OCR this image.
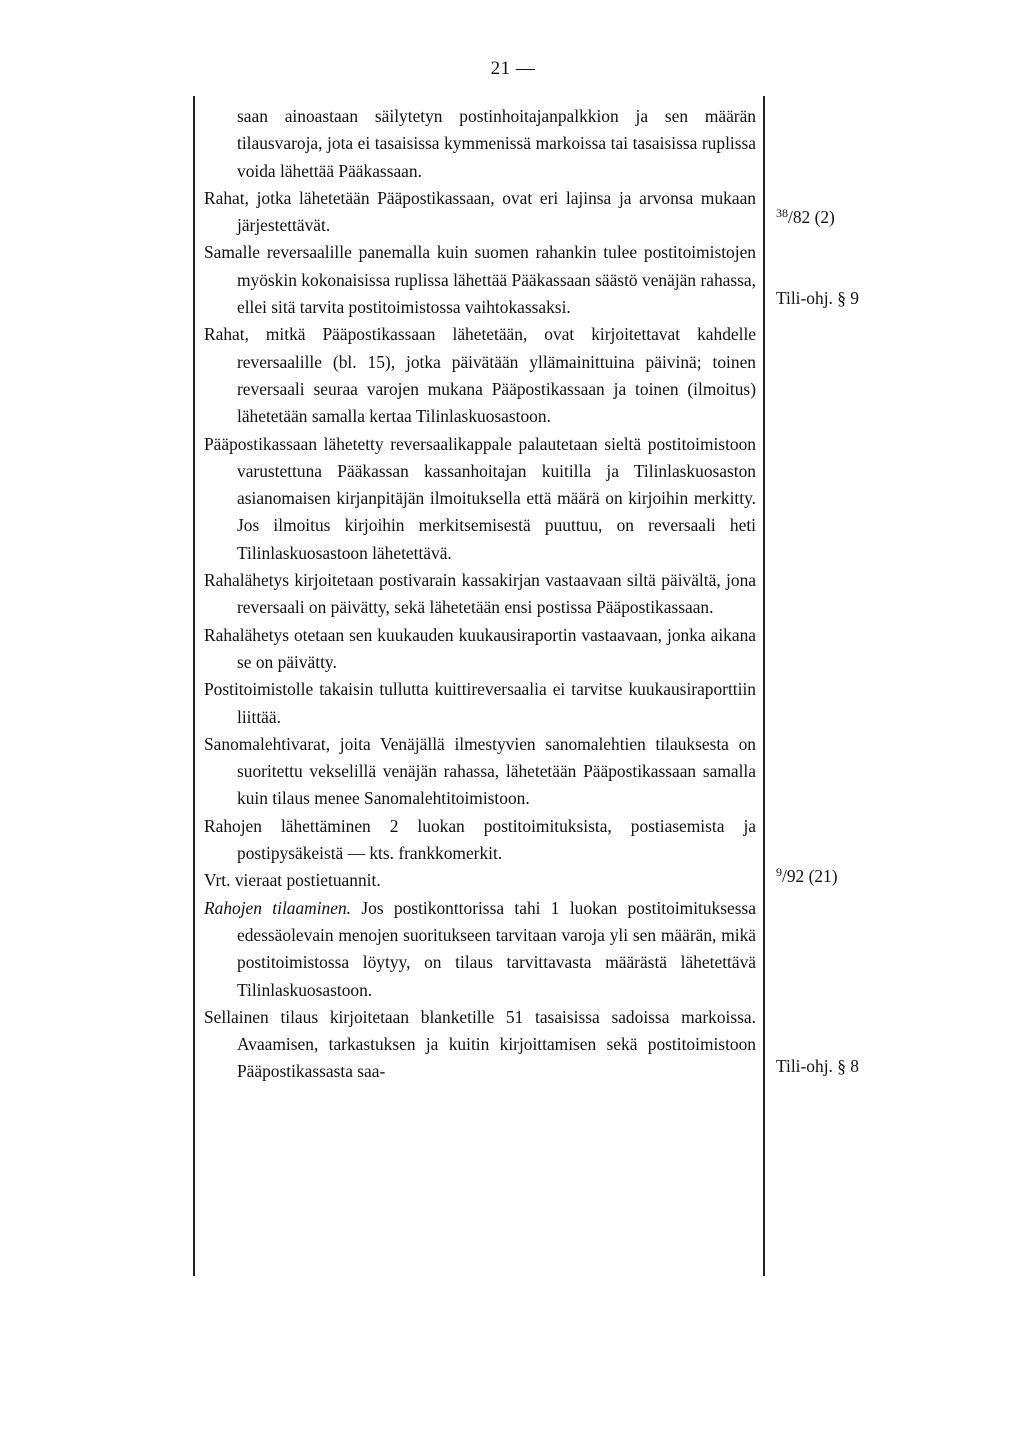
21 —

saan ainoastaan säilytetyn postinhoitajanpalkkion ja sen määrän tilausvaroja, jota ei tasaisissa kymmenissä markoissa tai tasaisissa ruplissa voida lähettää Pääkassaan.

Rahat, jotka lähetetään Pääpostikassaan, ovat eri lajinsa ja arvonsa mukaan järjestettävät.

Samalle reversaalille panemalla kuin suomen rahankin tulee postitoimistojen myöskin kokonaisissa ruplissa lähettää Pääkassaan säästö venäjän rahassa, ellei sitä tarvita postitoimistossa vaihtokassaksi.

Rahat, mitkä Pääpostikassaan lähetetään, ovat kirjoitettavat kahdelle reversaalille (bl. 15), jotka päivätään yllämainittuina päivinä; toinen reversaali seuraa varojen mukana Pääpostikassaan ja toinen (ilmoitus) lähetetään samalla kertaa Tilinlaskuosastoon.

Pääpostikassaan lähetetty reversaalikappale palautetaan sieltä postitoimistoon varustettuna Pääkassan kassanhoitajan kuitilla ja Tilinlaskuosaston asianomaisen kirjanpitäjän ilmoituksella että määrä on kirjoihin merkitty. Jos ilmoitus kirjoihin merkitsemisestä puuttuu, on reversaali heti Tilinlaskuosastoon lähetettävä.

Rahalähetys kirjoitetaan postivarain kassakirjan vastaavaan siltä päivältä, jona reversaali on päivätty, sekä lähetetään ensi postissa Pääpostikassaan.

Rahalähetys otetaan sen kuukauden kuukausiraportin vastaavaan, jonka aikana se on päivätty.

Postitoimistolle takaisin tullutta kuittireversaalia ei tarvitse kuukausiraporttiin liittää.

Sanomalehtivarat, joita Venäjällä ilmestyvien sanomalehtien tilauksesta on suoritettu vekselillä venäjän rahassa, lähetetään Pääpostikassaan samalla kuin tilaus menee Sanomalehtitoimistoon.

Rahojen lähettäminen 2 luokan postitoimituksista, postiasemista ja postipysäkeistä — kts. frankkomerkit.

Vrt. vieraat postietuannit.

Rahojen tilaaminen. Jos postikonttorissa tahi 1 luokan postitoimituksessa edessäolevain menojen suoritukseen tarvitaan varoja yli sen määrän, mikä postitoimistossa löytyy, on tilaus tarvittavasta määrästä lähetettävä Tilinlaskuosastoon.

Sellainen tilaus kirjoitetaan blanketille 51 tasaisissa sadoissa markoissa. Avaamisen, tarkastuksen ja kuitin kirjoittamisen sekä postitoimistoon Pääpostikassasta saa-

$^{38}$/82 (2)
Tili-ohj. § 9
$^9$/92 (21)
Tili-ohj. § 8
